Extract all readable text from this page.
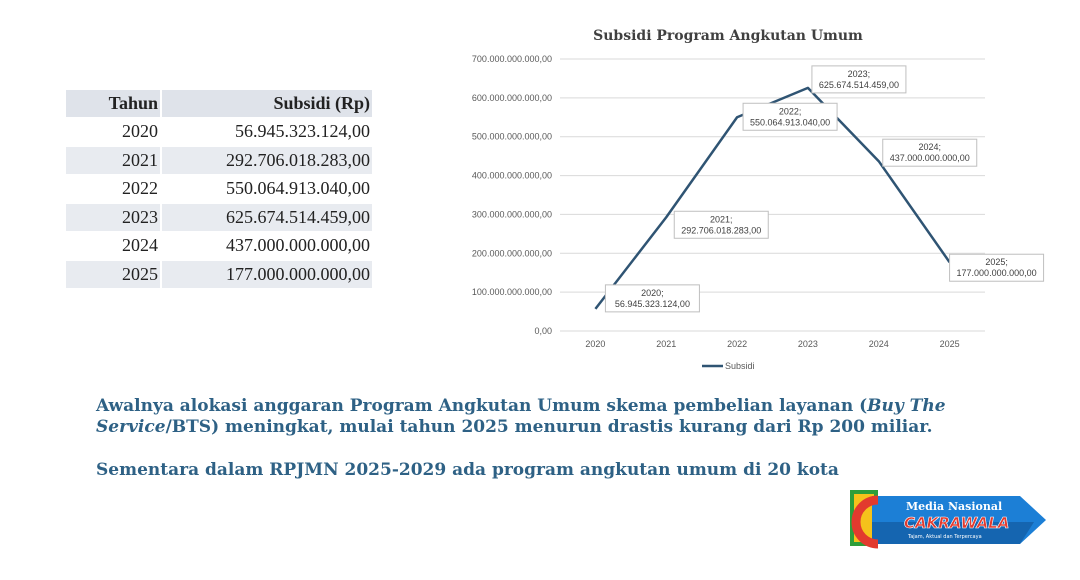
Tahun	Subsidi (Rp)
2020	56.945.323.124,00
2021	292.706.018.283,00
2022	550.064.913.040,00
2023	625.674.514.459,00
2024	437.000.000.000,00
2025	177.000.000.000,00
Subsidi Program Angkutan Umum
0,00
100.000.000.000,00
200.000.000.000,00
300.000.000.000,00
400.000.000.000,00
500.000.000.000,00
600.000.000.000,00
700.000.000.000,00
2020	2021	2022	2023	2024	2025
2020;
56.945.323.124,00
2021;
292.706.018.283,00
2022;
550.064.913.040,00
2023;
625.674.514.459,00
2024;
437.000.000.000,00
2025;
177.000.000.000,00
Subsidi

Awalnya alokasi anggaran Program Angkutan Umum skema pembelian layanan (Buy The Service/BTS) meningkat, mulai tahun 2025 menurun drastis kurang dari Rp 200 miliar.

Sementara dalam RPJMN 2025-2029 ada program angkutan umum di 20 kota

Media Nasional
CAKRAWALA
Tajam, Aktual dan Terpercaya
